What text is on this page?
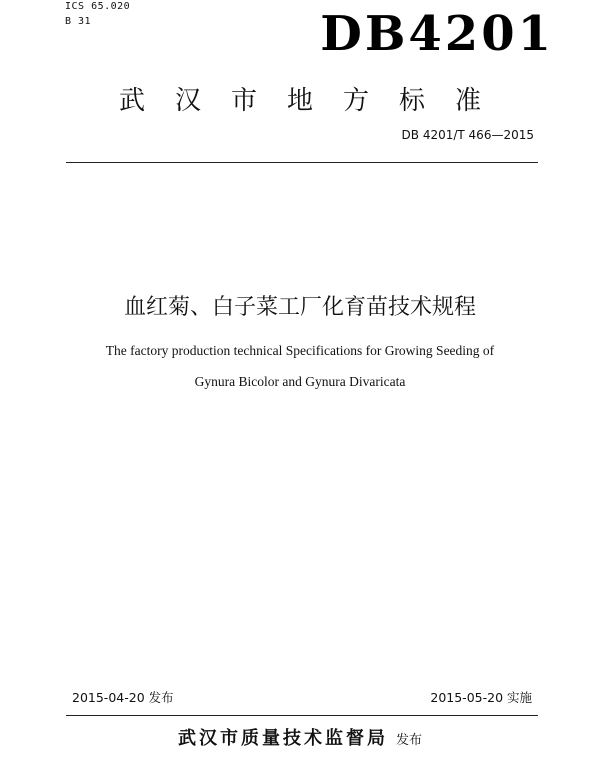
ICS 65.020
B 31	DB4201
武汉市地方标准
DB 4201/T 466—2015
血红菊、白子菜工厂化育苗技术规程
The factory production technical Specifications for Growing Seeding of
Gynura Bicolor and Gynura Divaricata
2015-04-20 发布	2015-05-20 实施
武汉市质量技术监督局 发布
